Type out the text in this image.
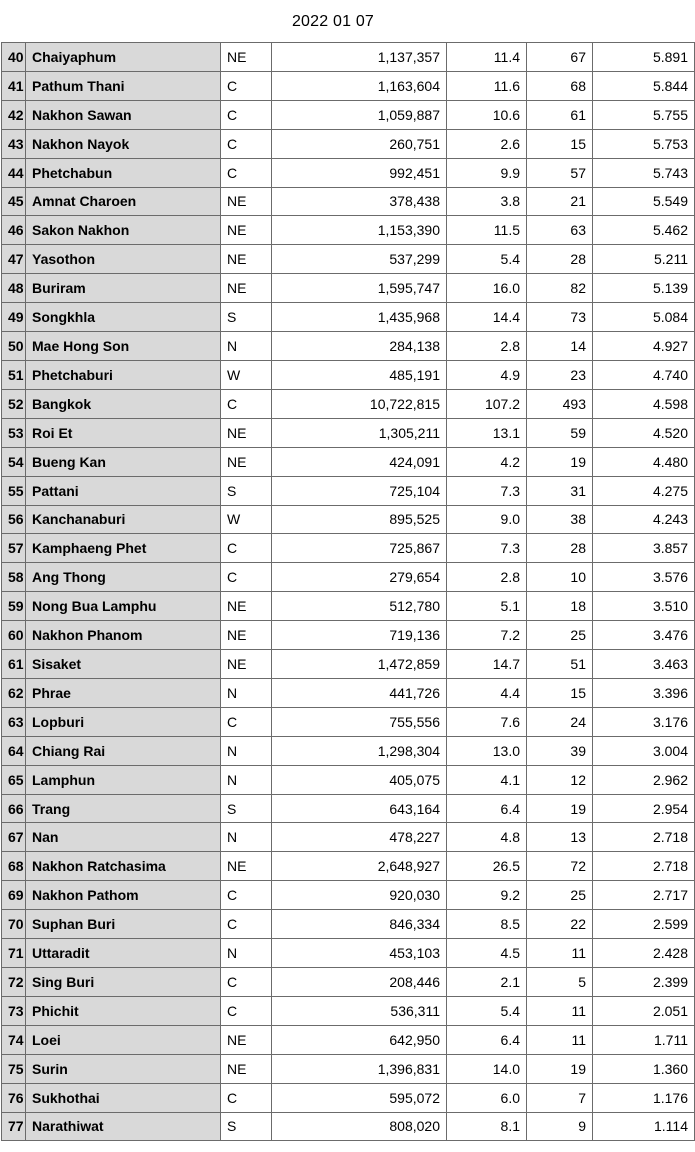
2022 01 07
40	Chaiyaphum	NE	1,137,357	11.4	67	5.891
41	Pathum Thani	C	1,163,604	11.6	68	5.844
42	Nakhon Sawan	C	1,059,887	10.6	61	5.755
43	Nakhon Nayok	C	260,751	2.6	15	5.753
44	Phetchabun	C	992,451	9.9	57	5.743
45	Amnat Charoen	NE	378,438	3.8	21	5.549
46	Sakon Nakhon	NE	1,153,390	11.5	63	5.462
47	Yasothon	NE	537,299	5.4	28	5.211
48	Buriram	NE	1,595,747	16.0	82	5.139
49	Songkhla	S	1,435,968	14.4	73	5.084
50	Mae Hong Son	N	284,138	2.8	14	4.927
51	Phetchaburi	W	485,191	4.9	23	4.740
52	Bangkok	C	10,722,815	107.2	493	4.598
53	Roi Et	NE	1,305,211	13.1	59	4.520
54	Bueng Kan	NE	424,091	4.2	19	4.480
55	Pattani	S	725,104	7.3	31	4.275
56	Kanchanaburi	W	895,525	9.0	38	4.243
57	Kamphaeng Phet	C	725,867	7.3	28	3.857
58	Ang Thong	C	279,654	2.8	10	3.576
59	Nong Bua Lamphu	NE	512,780	5.1	18	3.510
60	Nakhon Phanom	NE	719,136	7.2	25	3.476
61	Sisaket	NE	1,472,859	14.7	51	3.463
62	Phrae	N	441,726	4.4	15	3.396
63	Lopburi	C	755,556	7.6	24	3.176
64	Chiang Rai	N	1,298,304	13.0	39	3.004
65	Lamphun	N	405,075	4.1	12	2.962
66	Trang	S	643,164	6.4	19	2.954
67	Nan	N	478,227	4.8	13	2.718
68	Nakhon Ratchasima	NE	2,648,927	26.5	72	2.718
69	Nakhon Pathom	C	920,030	9.2	25	2.717
70	Suphan Buri	C	846,334	8.5	22	2.599
71	Uttaradit	N	453,103	4.5	11	2.428
72	Sing Buri	C	208,446	2.1	5	2.399
73	Phichit	C	536,311	5.4	11	2.051
74	Loei	NE	642,950	6.4	11	1.711
75	Surin	NE	1,396,831	14.0	19	1.360
76	Sukhothai	C	595,072	6.0	7	1.176
77	Narathiwat	S	808,020	8.1	9	1.114
